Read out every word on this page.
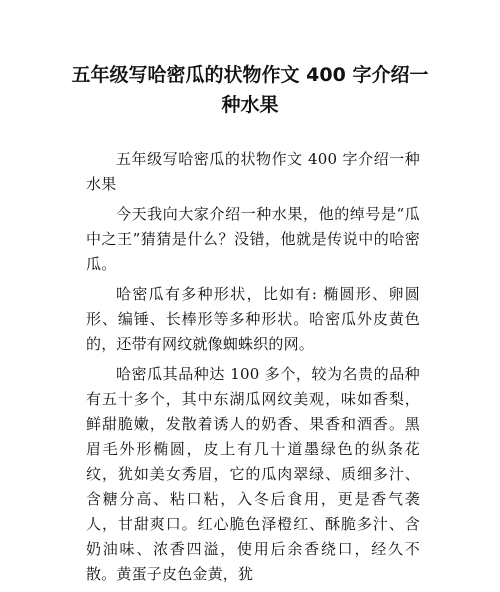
五年级写哈密瓜的状物作文 400 字介绍一种水果

五年级写哈密瓜的状物作文 400 字介绍一种水果

今天我向大家介绍一种水果，他的绰号是“瓜中之王”猜猜是什么？没错，他就是传说中的哈密瓜。

哈密瓜有多种形状，比如有: 椭圆形、卵圆形、编锤、长棒形等多种形状。哈密瓜外皮黄色的，还带有网纹就像蜘蛛织的网。

哈密瓜其品种达 100 多个，较为名贵的品种有五十多个，其中东湖瓜网纹美观，味如香梨，鲜甜脆嫩，发散着诱人的奶香、果香和酒香。黑眉毛外形椭圆，皮上有几十道墨绿色的纵条花纹，犹如美女秀眉，它的瓜肉翠绿、质细多汁、含糖分高、粘口粘，入冬后食用，更是香气袭人，甘甜爽口。红心脆色泽橙红、酥脆多汁、含奶油味、浓香四溢，使用后余香绕口，经久不散。黄蛋子皮色金黄，犹
